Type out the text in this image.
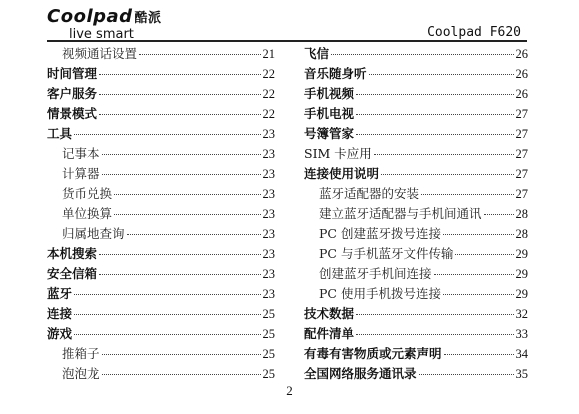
Coolpad 酷派
live smart	Coolpad F620
视频通话设置	21
时间管理	22
客户服务	22
情景模式	22
工具	23
记事本	23
计算器	23
货币兑换	23
单位换算	23
归属地查询	23
本机搜索	23
安全信箱	23
蓝牙	23
连接	25
游戏	25
推箱子	25
泡泡龙	25
飞信	26
音乐随身听	26
手机视频	26
手机电视	27
号簿管家	27
SIM 卡应用	27
连接使用说明	27
蓝牙适配器的安装	27
建立蓝牙适配器与手机间通讯	28
PC 创建蓝牙拨号连接	28
PC 与手机蓝牙文件传输	29
创建蓝牙手机间连接	29
PC 使用手机拨号连接	29
技术数据	32
配件清单	33
有毒有害物质或元素声明	34
全国网络服务通讯录	35
2
